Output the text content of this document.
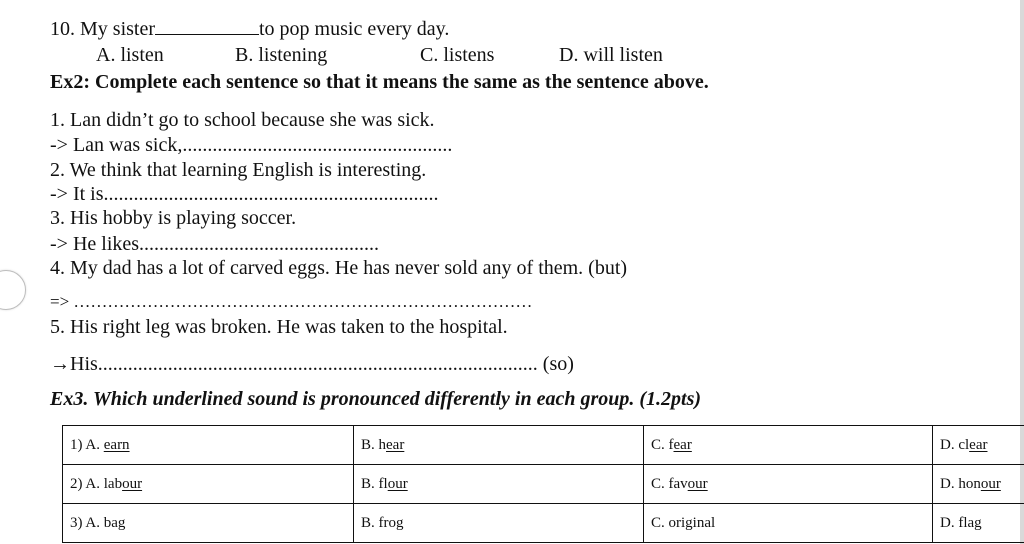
10. My sister	to pop music every day.
A. listen	B. listening	C. listens	D. will listen
Ex2: Complete each sentence so that it means the same as the sentence above.
1. Lan didn’t go to school because she was sick.
-> Lan was sick,......................................................
2. We think that learning English is interesting.
-> It is...................................................................
3. His hobby is playing soccer.
-> He likes................................................
4. My dad has a lot of carved eggs. He has never sold any of them. (but)
=> ………………………………………………………………………
5. His right leg was broken. He was taken to the hospital.
→His........................................................................................ (so)
Ex3. Which underlined sound is pronounced differently in each group. (1.2pts)
1) A. earn	B. hear	C. fear	D. clear
2) A. labour	B. flour	C. favour	D. honour
3) A. bag	B. frog	C. original	D. flag
